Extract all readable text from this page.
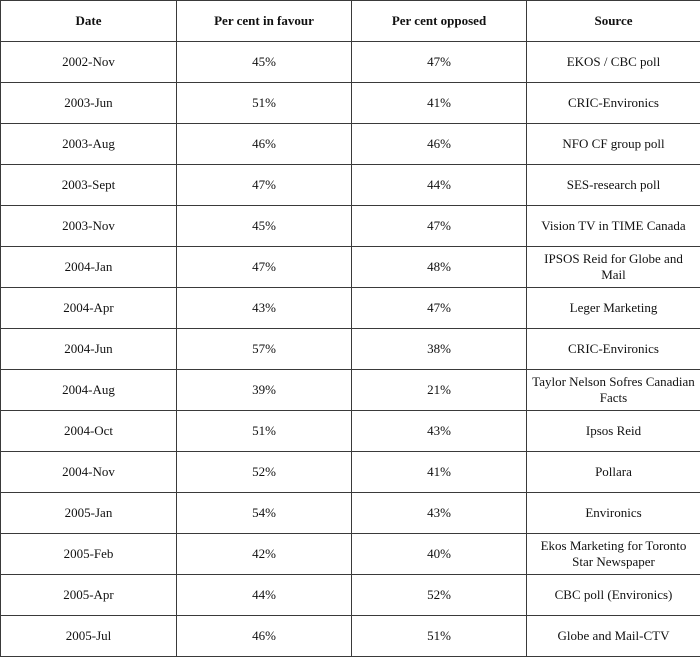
Date	Per cent in favour	Per cent opposed	Source
2002-Nov	45%	47%	EKOS / CBC poll
2003-Jun	51%	41%	CRIC-Environics
2003-Aug	46%	46%	NFO CF group poll
2003-Sept	47%	44%	SES-research poll
2003-Nov	45%	47%	Vision TV in TIME Canada
2004-Jan	47%	48%	IPSOS Reid for Globe and Mail
2004-Apr	43%	47%	Leger Marketing
2004-Jun	57%	38%	CRIC-Environics
2004-Aug	39%	21%	Taylor Nelson Sofres Canadian Facts
2004-Oct	51%	43%	Ipsos Reid
2004-Nov	52%	41%	Pollara
2005-Jan	54%	43%	Environics
2005-Feb	42%	40%	Ekos Marketing for Toronto Star Newspaper
2005-Apr	44%	52%	CBC poll (Environics)
2005-Jul	46%	51%	Globe and Mail-CTV
